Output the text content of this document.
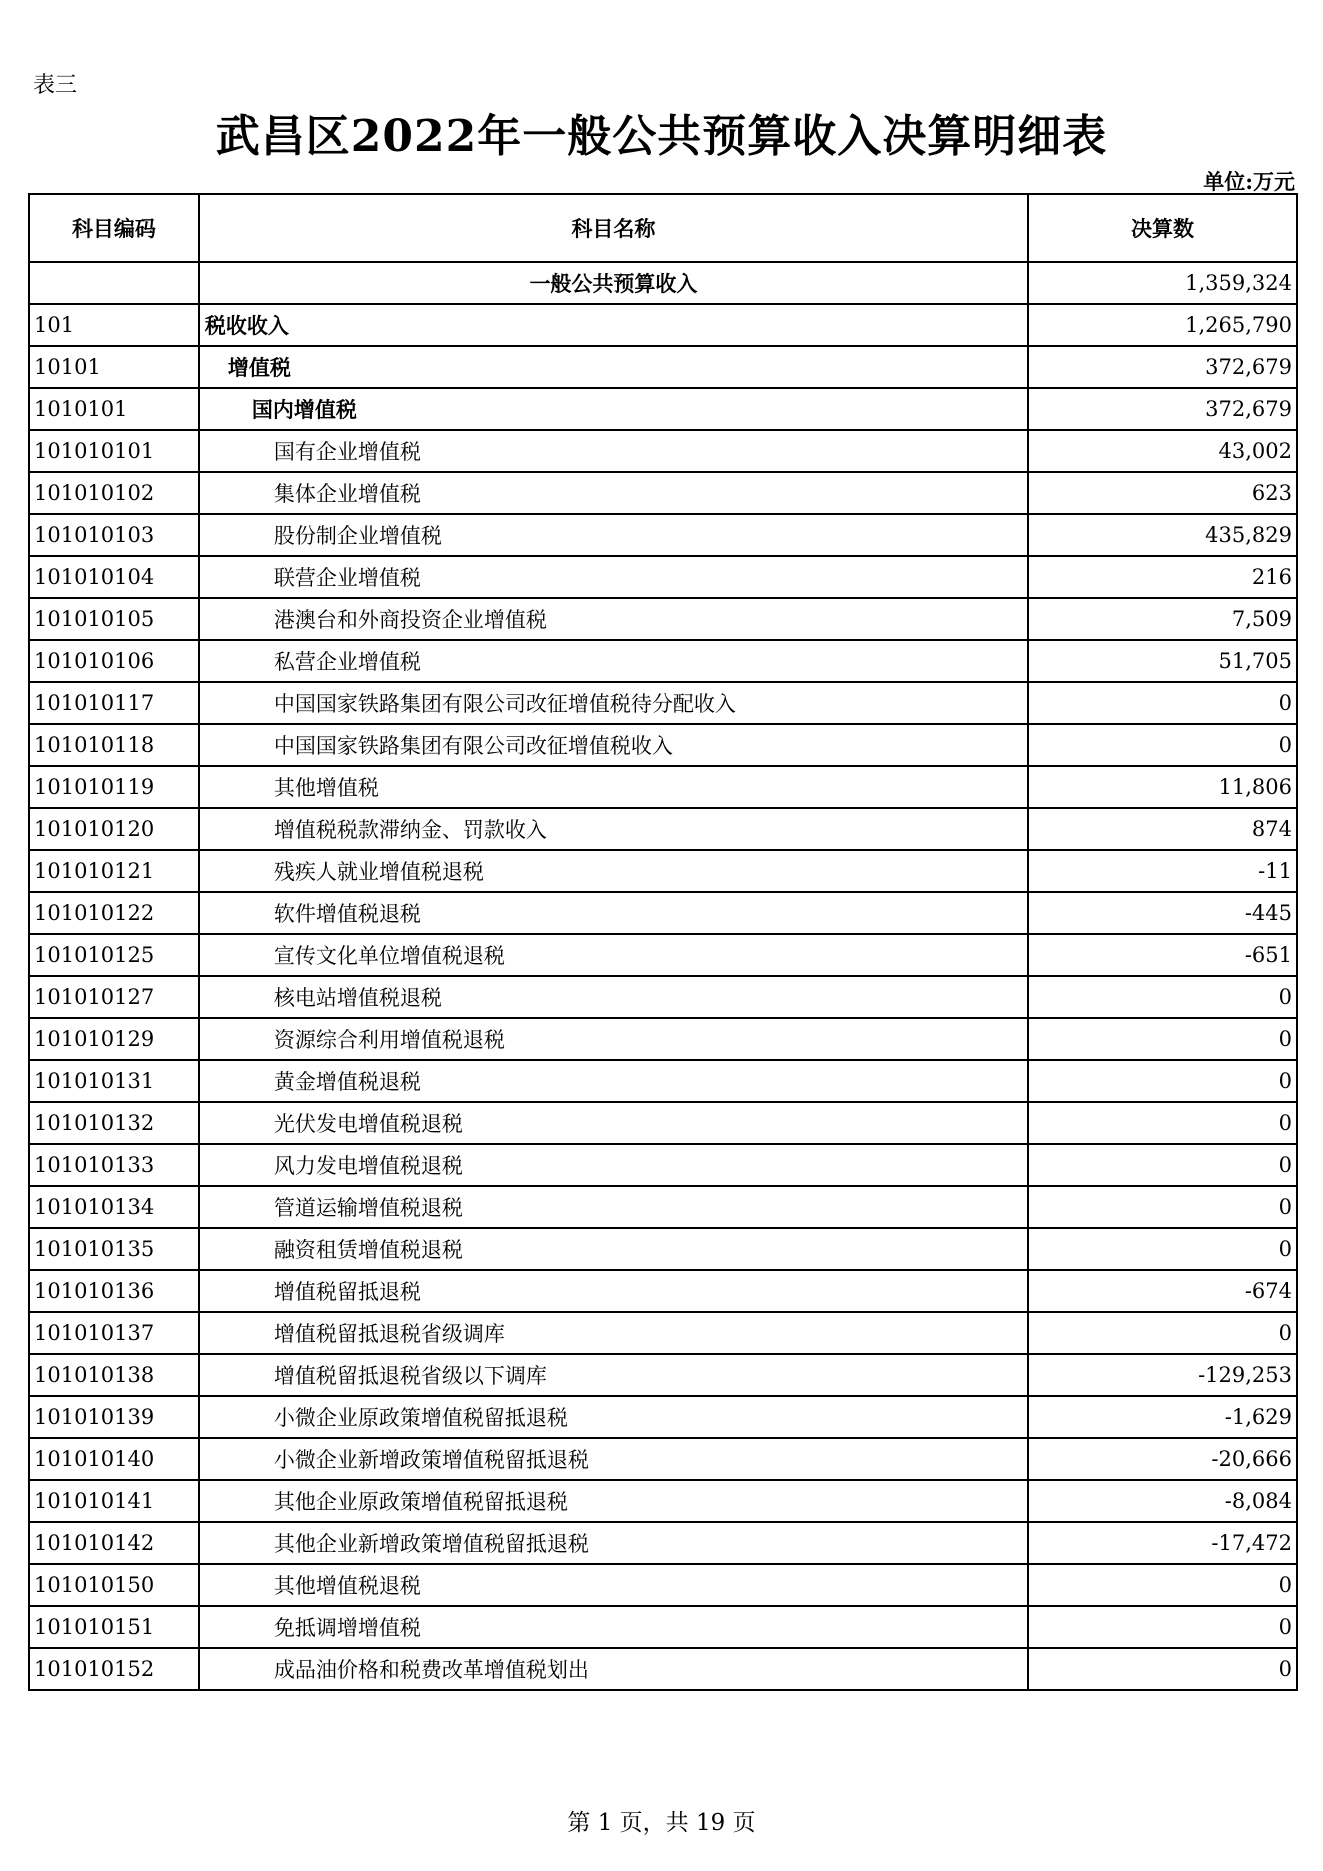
表三
武昌区2022年一般公共预算收入决算明细表
单位:万元
科目编码	科目名称	决算数
	一般公共预算收入	1,359,324
101	税收收入	1,265,790
10101	增值税	372,679
1010101	国内增值税	372,679
101010101	国有企业增值税	43,002
101010102	集体企业增值税	623
101010103	股份制企业增值税	435,829
101010104	联营企业增值税	216
101010105	港澳台和外商投资企业增值税	7,509
101010106	私营企业增值税	51,705
101010117	中国国家铁路集团有限公司改征增值税待分配收入	0
101010118	中国国家铁路集团有限公司改征增值税收入	0
101010119	其他增值税	11,806
101010120	增值税税款滞纳金、罚款收入	874
101010121	残疾人就业增值税退税	-11
101010122	软件增值税退税	-445
101010125	宣传文化单位增值税退税	-651
101010127	核电站增值税退税	0
101010129	资源综合利用增值税退税	0
101010131	黄金增值税退税	0
101010132	光伏发电增值税退税	0
101010133	风力发电增值税退税	0
101010134	管道运输增值税退税	0
101010135	融资租赁增值税退税	0
101010136	增值税留抵退税	-674
101010137	增值税留抵退税省级调库	0
101010138	增值税留抵退税省级以下调库	-129,253
101010139	小微企业原政策增值税留抵退税	-1,629
101010140	小微企业新增政策增值税留抵退税	-20,666
101010141	其他企业原政策增值税留抵退税	-8,084
101010142	其他企业新增政策增值税留抵退税	-17,472
101010150	其他增值税退税	0
101010151	免抵调增增值税	0
101010152	成品油价格和税费改革增值税划出	0
第 1 页，共 19 页
